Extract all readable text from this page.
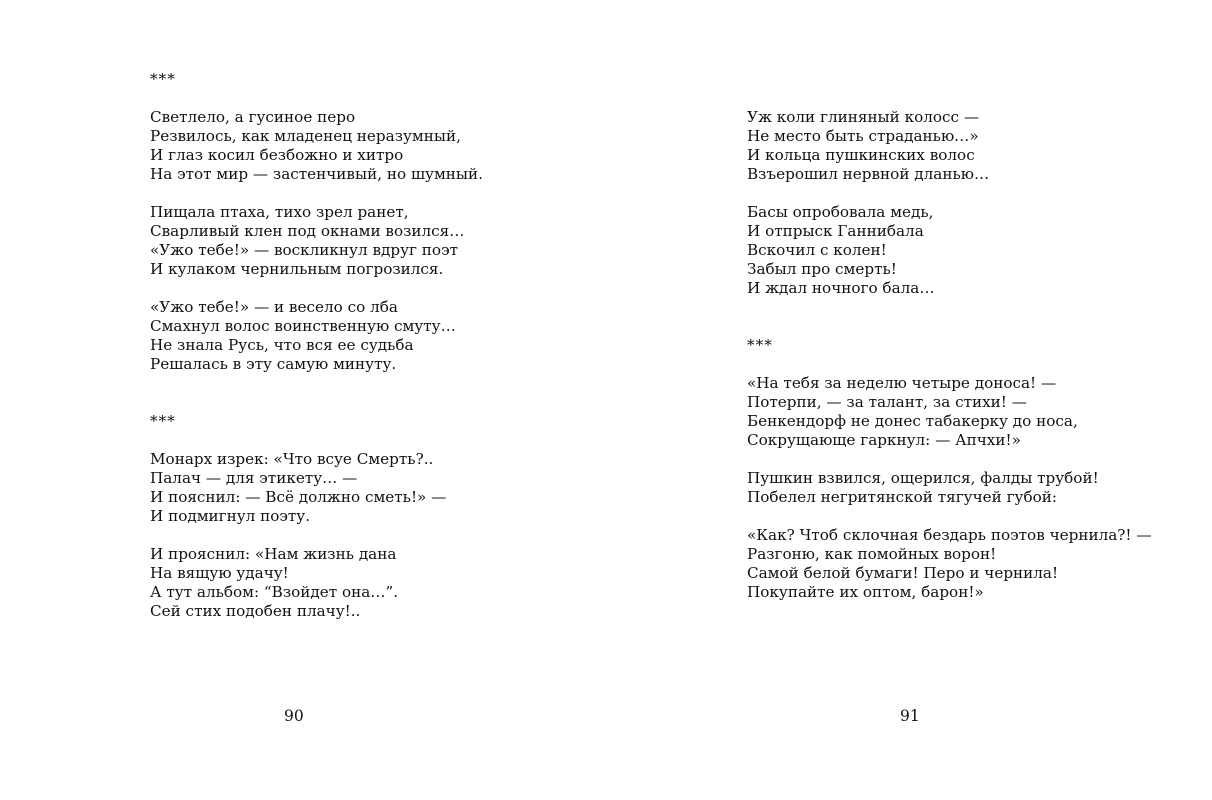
***
Светлело, а гусиное перо
Резвилось, как младенец неразумный,
И глаз косил безбожно и хитро
На этот мир — застенчивый, но шумный.
Пищала птаха, тихо зрел ранет,
Сварливый клен под окнами возился…
«Ужо тебе!» — воскликнул вдруг поэт
И кулаком чернильным погрозился.
«Ужо тебе!» — и весело со лба
Смахнул волос воинственную смуту…
Не знала Русь, что вся ее судьба
Решалась в эту самую минуту.
***
Монарх изрек: «Что всуе Смерть?..
Палач — для этикету… —
И пояснил: — Всё должно сметь!» —
И подмигнул поэту.
И прояснил: «Нам жизнь дана
На вящую удачу!
А тут альбом: “Взойдет она…”.
Сей стих подобен плачу!..
90
Уж коли глиняный колосс —
Не место быть страданью…»
И кольца пушкинских волос
Взъерошил нервной дланью…
Басы опробовала медь,
И отпрыск Ганнибала
Вскочил с колен!
Забыл про смерть!
И ждал ночного бала…
***
«На тебя за неделю четыре доноса! —
Потерпи, — за талант, за стихи! —
Бенкендорф не донес табакерку до носа,
Сокрущающе гаркнул: — Апчхи!»
Пушкин взвился, ощерился, фалды трубой!
Побелел негритянской тягучей губой:
«Как? Чтоб склочная бездарь поэтов чернила?! —
Разгоню, как помойных ворон!
Самой белой бумаги! Перо и чернила!
Покупайте их оптом, барон!»
91
